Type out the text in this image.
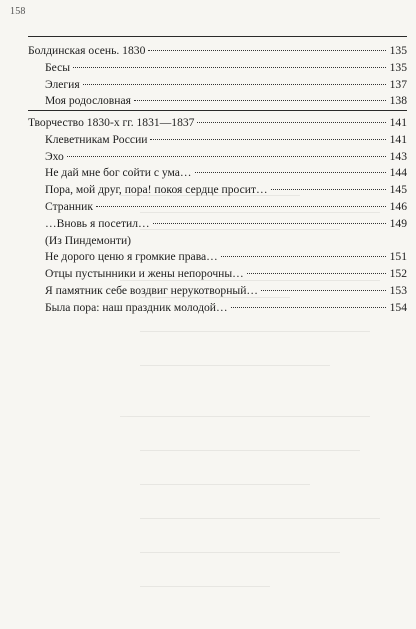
158
Болдинская осень. 1830	135
Бесы	135
Элегия	137
Моя родословная	138
Творчество 1830-х гг. 1831—1837	141
Клеветникам России	141
Эхо	143
Не дай мне бог сойти с ума…	144
Пора, мой друг, пора! покоя сердце просит…	145
Странник	146
…Вновь я посетил…	149
(Из Пиндемонти)
Не дорого ценю я громкие права…	151
Отцы пустынники и жены непорочны…	152
Я памятник себе воздвиг нерукотворный…	153
Была пора: наш праздник молодой…	154
